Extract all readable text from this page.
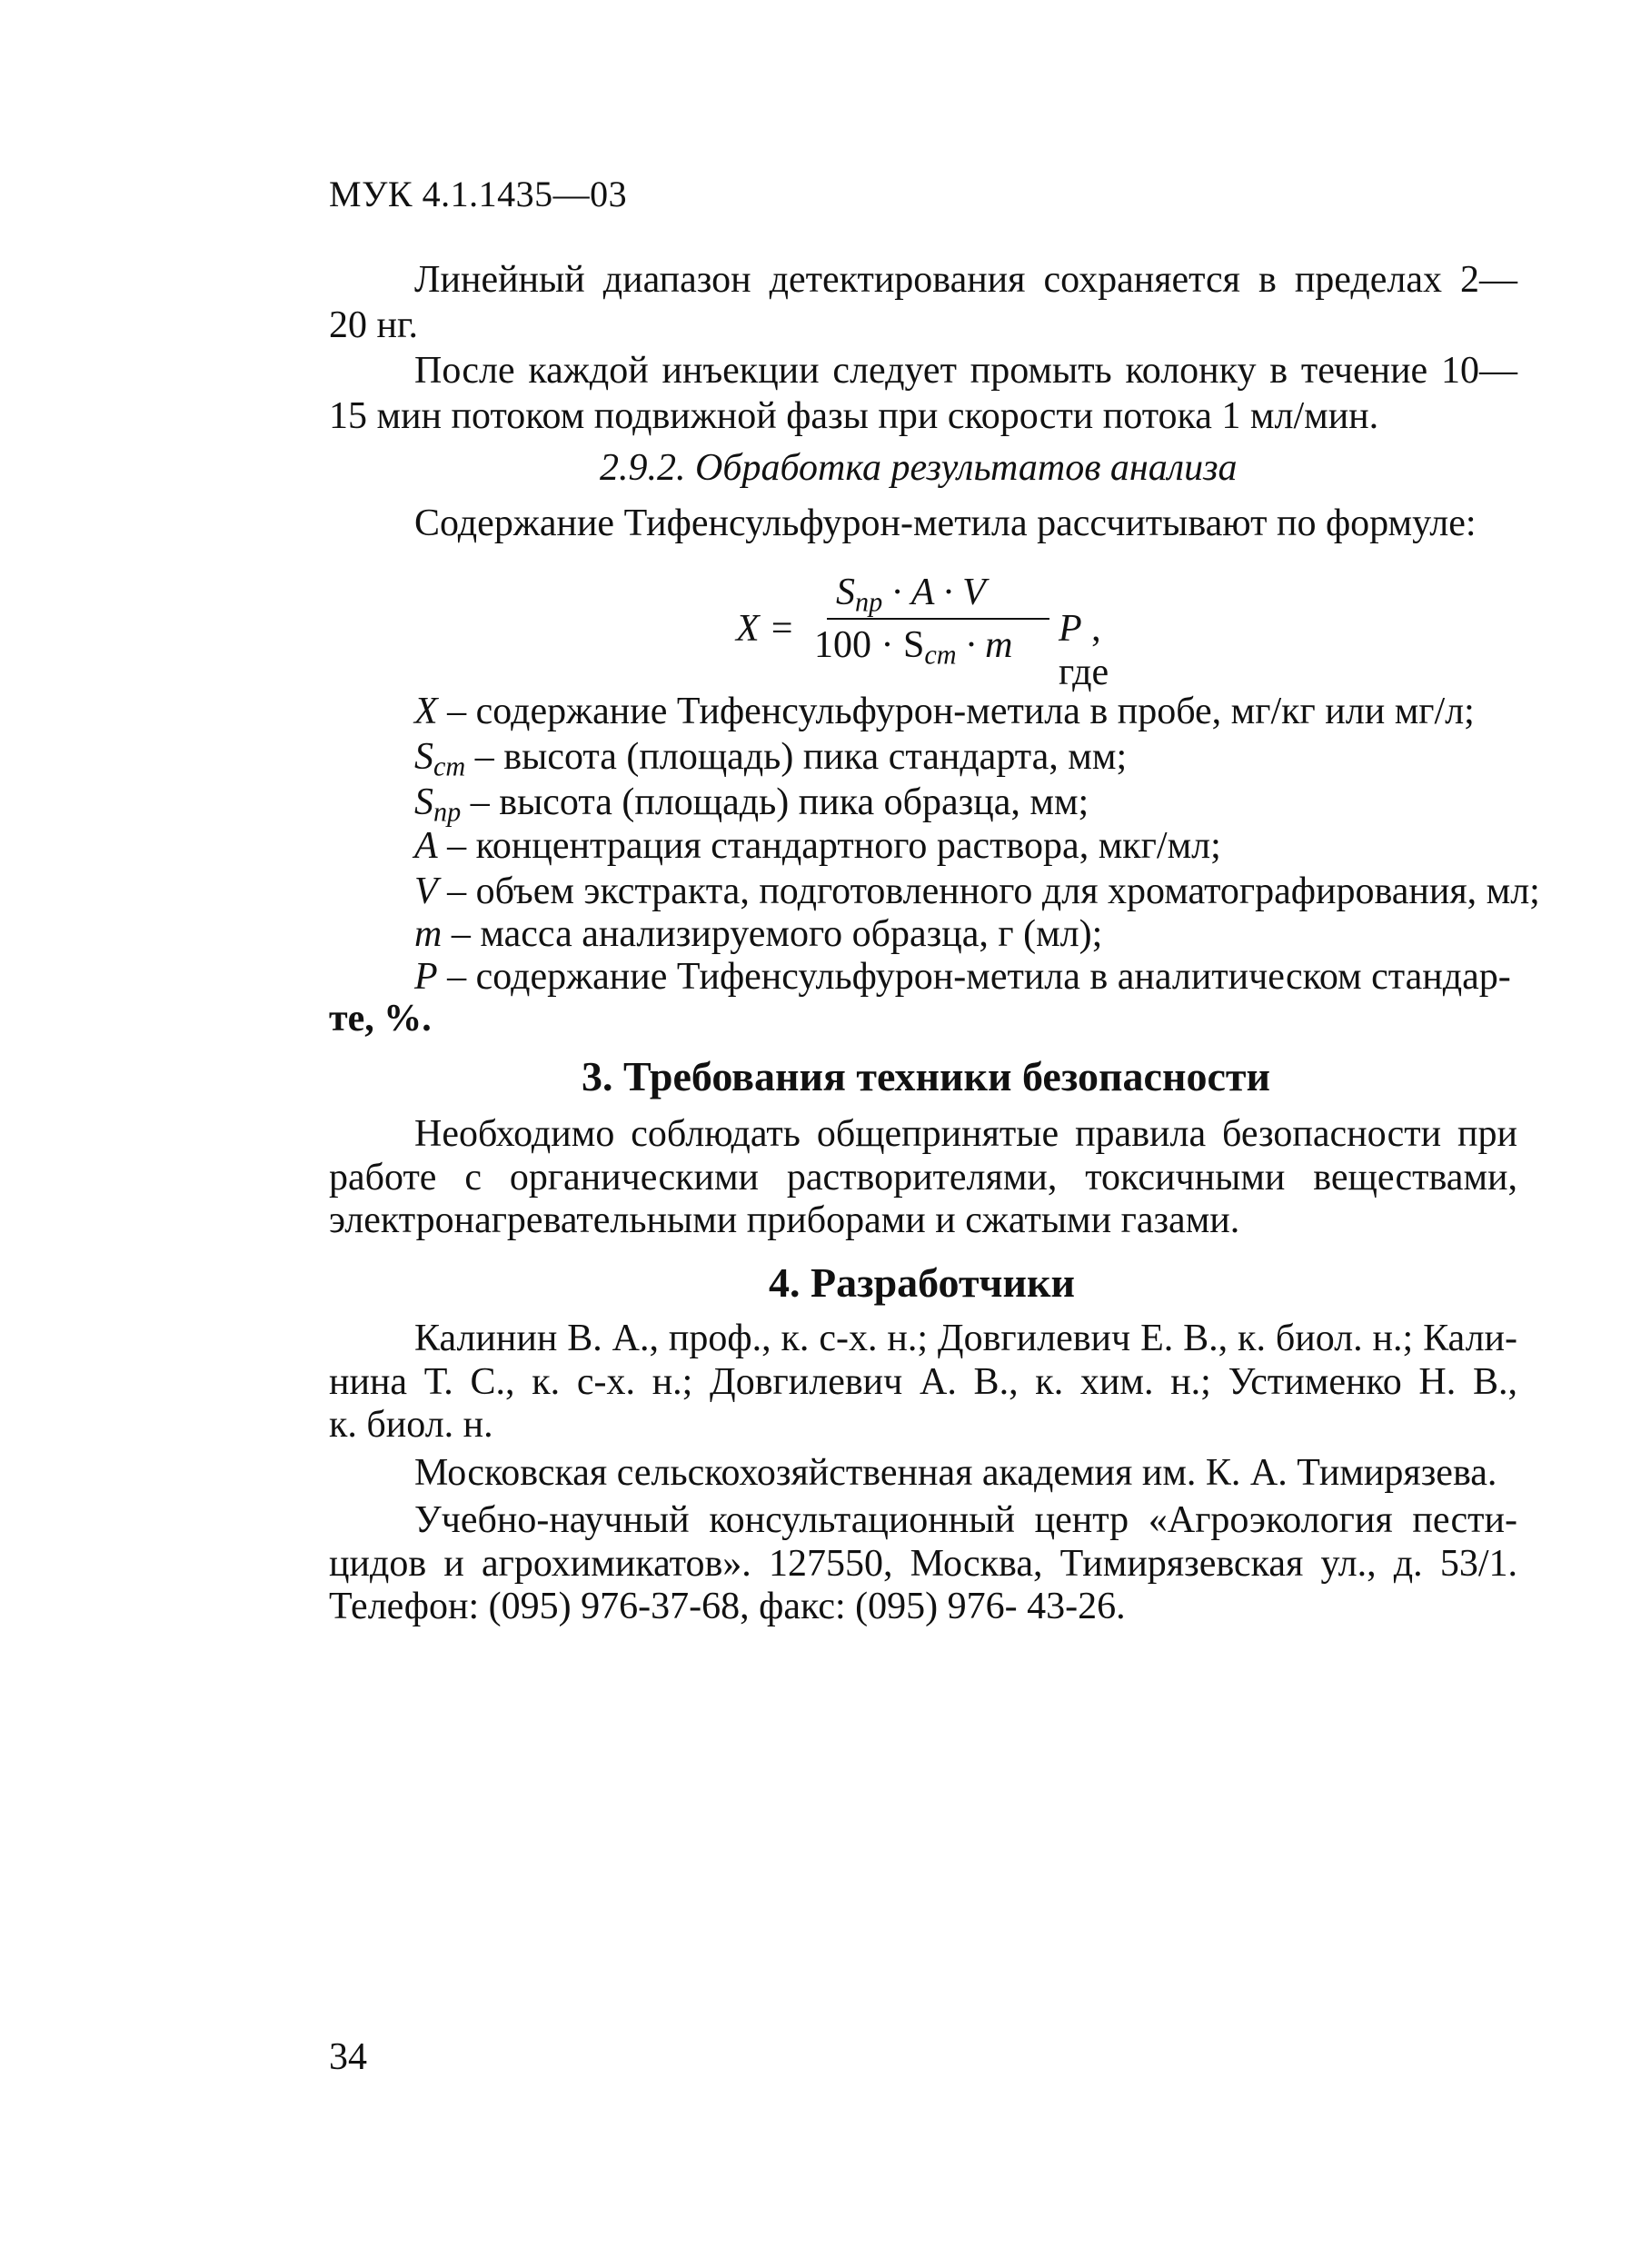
МУК 4.1.1435—03
Линейный диапазон детектирования сохраняется в пределах 2—
20 нг.
После каждой инъекции следует промыть колонку в течение 10—
15 мин потоком подвижной фазы при скорости потока 1 мл/мин.
2.9.2. Обработка результатов анализа
Содержание Тифенсульфурон-метила рассчитывают по формуле:
X =
$S_{пр} \cdot A \cdot V$
$100 \cdot S_{ст} \cdot m$ P , где
X – содержание Тифенсульфурон-метила в пробе, мг/кг или мг/л;
$S_{cm}$ – высота (площадь) пика стандарта, мм;
$S_{np}$ – высота (площадь) пика образца, мм;
A – концентрация стандартного раствора, мкг/мл;
V – объем экстракта, подготовленного для хроматографирования, мл;
m – масса анализируемого образца, г (мл);
P – содержание Тифенсульфурон-метила в аналитическом стандар-
те, %.
3. Требования техники безопасности
Необходимо соблюдать общепринятые правила безопасности при
работе с органическими растворителями, токсичными веществами,
электронагревательными приборами и сжатыми газами.
4. Разработчики
Калинин В. А., проф., к. с-х. н.; Довгилевич Е. В., к. биол. н.; Кали-
нина Т. С., к. с-х. н.; Довгилевич А. В., к. хим. н.; Устименко Н. В.,
к. биол. н.
Московская сельскохозяйственная академия им. К. А. Тимирязева.
Учебно-научный консультационный центр «Агроэкология пести-
цидов и агрохимикатов». 127550, Москва, Тимирязевская ул., д. 53/1.
Телефон: (095) 976-37-68, факс: (095) 976- 43-26.
34
